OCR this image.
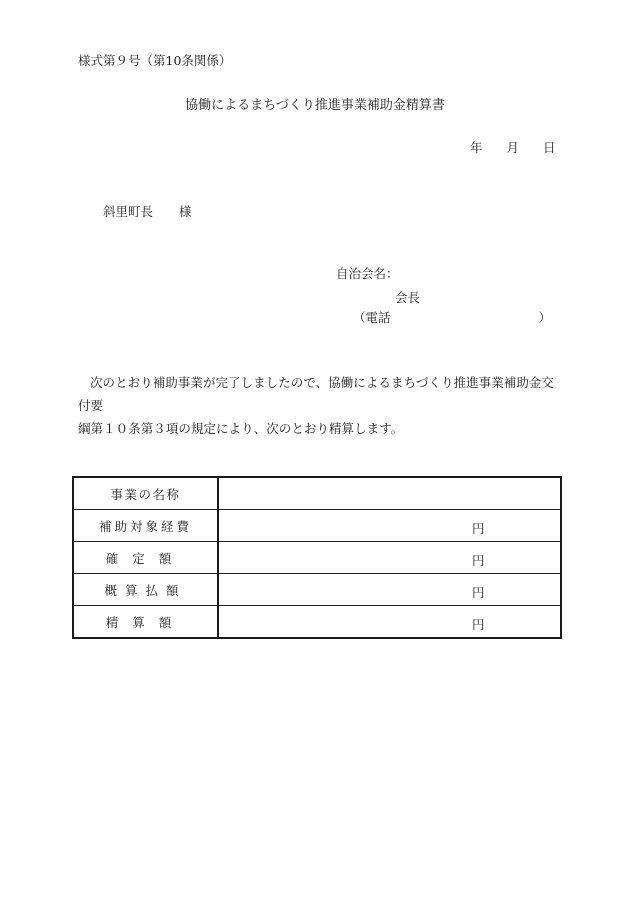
様式第９号（第10条関係）
協働によるまちづくり推進事業補助金精算書
年 月 日
斜里町長 様
自治会名：
会長
（電話	）
次のとおり補助事業が完了しましたので、協働によるまちづくり推進事業補助金交付要
綱第１０条第３項の規定により、次のとおり精算します。
事業の名称	

補助対象経費	円

確定額	円

概算払額	円

精算額	円
